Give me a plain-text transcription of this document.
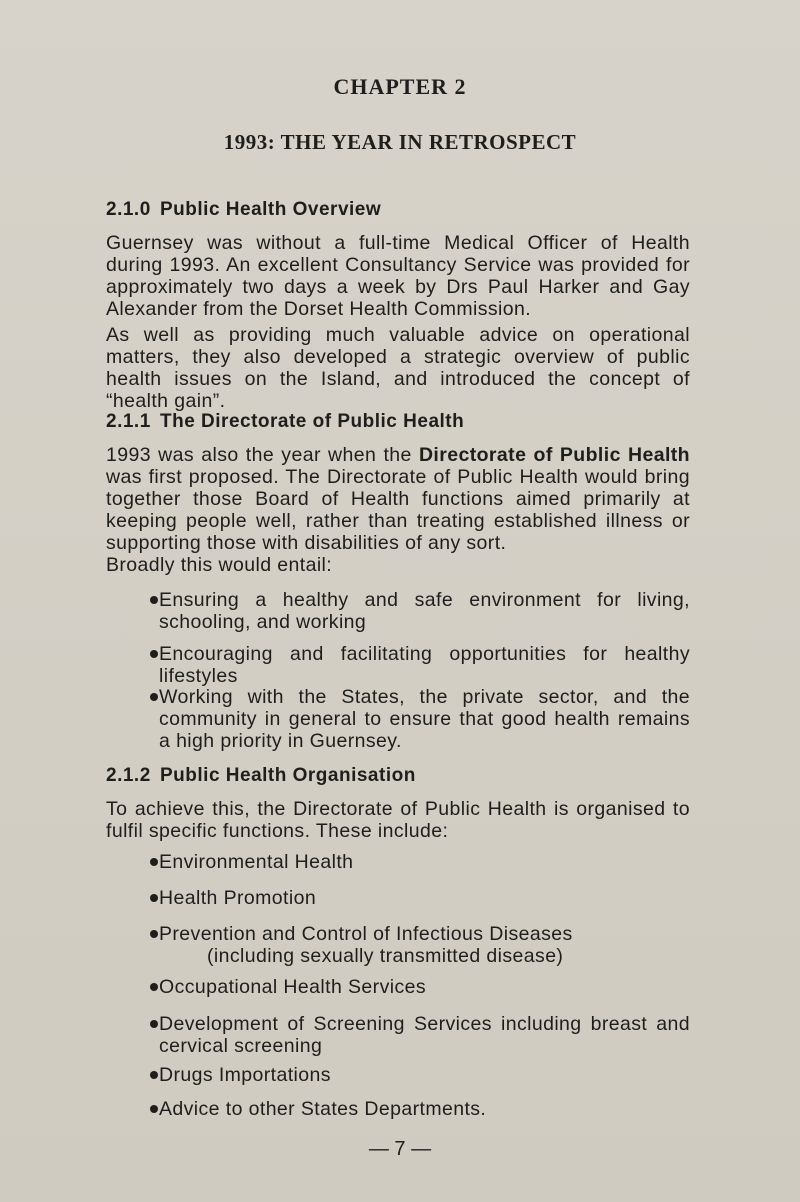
CHAPTER 2
1993: THE YEAR IN RETROSPECT
2.1.0 Public Health Overview
Guernsey was without a full-time Medical Officer of Health during 1993. An excellent Consultancy Service was provided for approximately two days a week by Drs Paul Harker and Gay Alexander from the Dorset Health Commission.
As well as providing much valuable advice on operational matters, they also developed a strategic overview of public health issues on the Island, and introduced the concept of “health gain”.
2.1.1 The Directorate of Public Health
1993 was also the year when the Directorate of Public Health was first proposed. The Directorate of Public Health would bring together those Board of Health functions aimed primarily at keeping people well, rather than treating established illness or supporting those with disabilities of any sort.
Broadly this would entail:
Ensuring a healthy and safe environment for living, schooling, and working
Encouraging and facilitating opportunities for healthy lifestyles
Working with the States, the private sector, and the community in general to ensure that good health remains a high priority in Guernsey.
2.1.2 Public Health Organisation
To achieve this, the Directorate of Public Health is organised to fulfil specific functions. These include:
Environmental Health
Health Promotion
Prevention and Control of Infectious Diseases
(including sexually transmitted disease)
Occupational Health Services
Development of Screening Services including breast and cervical screening
Drugs Importations
Advice to other States Departments.
— 7 —
